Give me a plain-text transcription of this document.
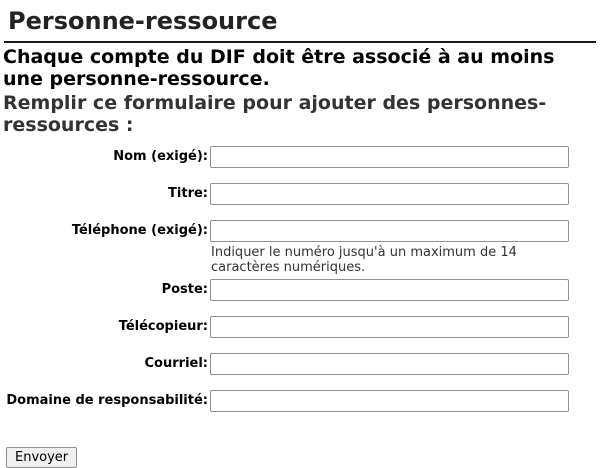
Personne-ressource

Chaque compte du DIF doit être associé à au moins une personne-ressource.

Remplir ce formulaire pour ajouter des personnes-ressources :

Nom (exigé):
Titre:
Téléphone (exigé):
Indiquer le numéro jusqu'à un maximum de 14 caractères numériques.
Poste:
Télécopieur:
Courriel:
Domaine de responsabilité:
Envoyer
